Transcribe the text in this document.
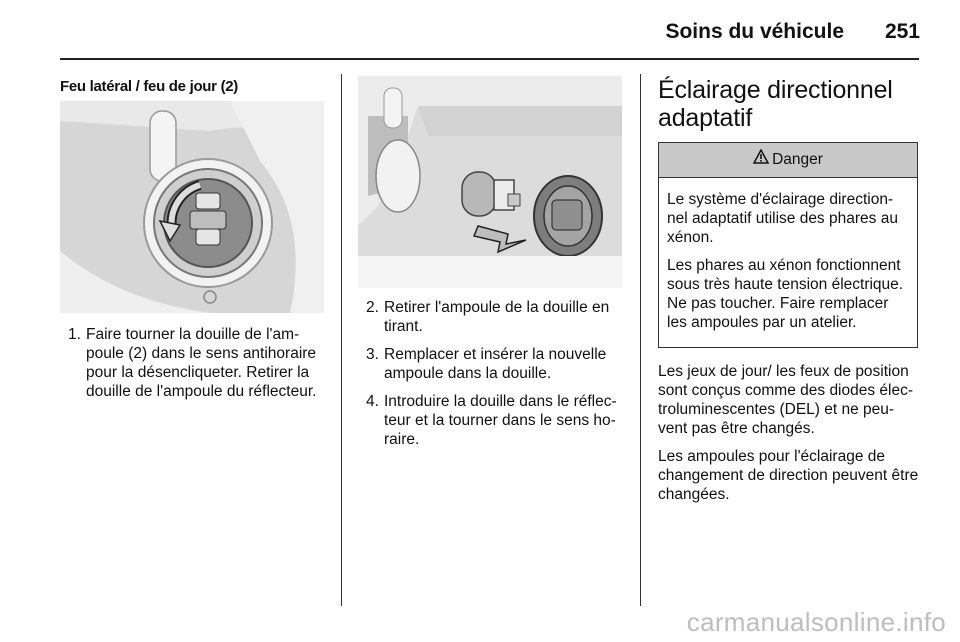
Soins du véhicule 251
Feu latéral / feu de jour (2)
1. Faire tourner la douille de l'am-poule (2) dans le sens antihoraire pour la désencliqueter. Retirer la douille de l'ampoule du réflecteur.
2. Retirer l'ampoule de la douille en tirant.
3. Remplacer et insérer la nouvelle ampoule dans la douille.
4. Introduire la douille dans le réflec-teur et la tourner dans le sens ho-raire.
Éclairage directionnel
adaptatif
Danger

Le système d'éclairage direction-nel adaptatif utilise des phares au xénon.

Les phares au xénon fonctionnent sous très haute tension électrique. Ne pas toucher. Faire remplacer les ampoules par un atelier.

Les jeux de jour/ les feux de position sont conçus comme des diodes élec-troluminescentes (DEL) et ne peu-vent pas être changés.

Les ampoules pour l'éclairage de changement de direction peuvent être changées.

carmanualsonline.info
